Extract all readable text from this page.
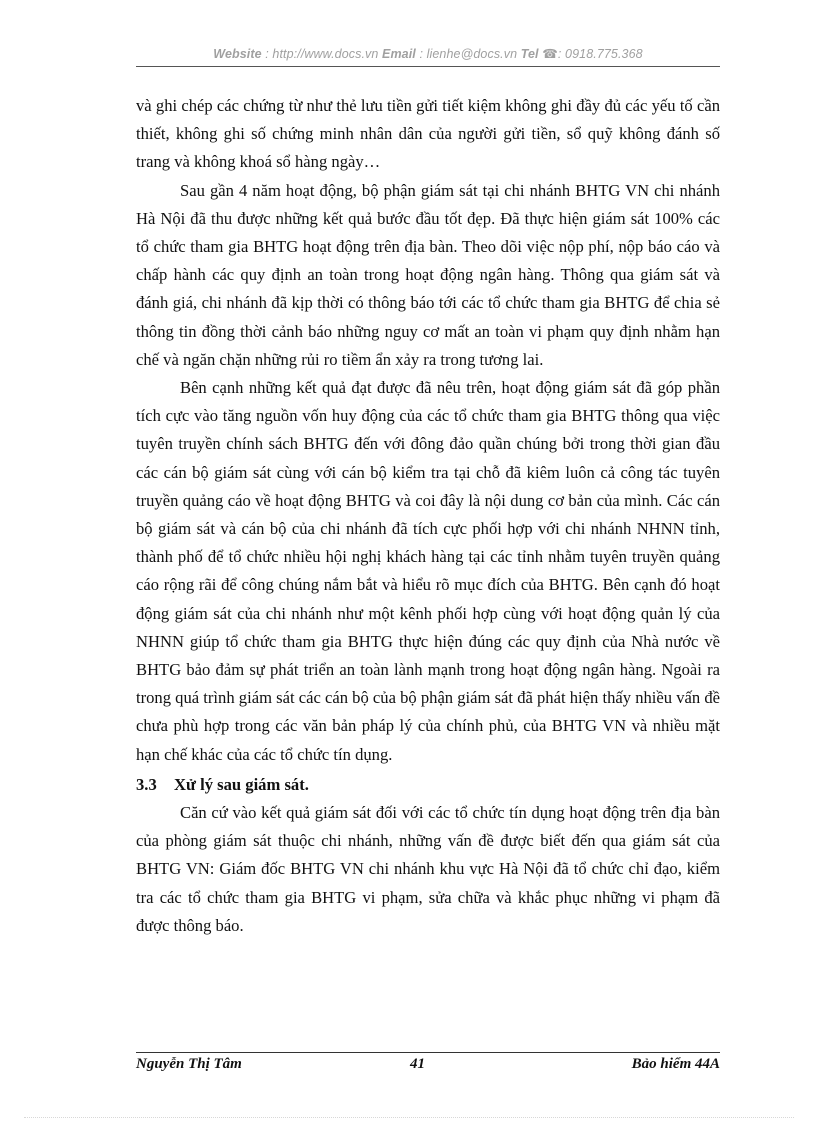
Website : http://www.docs.vn Email : lienhe@docs.vn Tel ☎: 0918.775.368

và ghi chép các chứng từ như thẻ lưu tiền gửi tiết kiệm không ghi đầy đủ các yếu tố cần thiết, không ghi số chứng minh nhân dân của người gửi tiền, sổ quỹ không đánh số trang và không khoá sổ hàng ngày…

Sau gần 4 năm hoạt động, bộ phận giám sát tại chi nhánh BHTG VN chi nhánh Hà Nội đã thu được những kết quả bước đầu tốt đẹp. Đã thực hiện giám sát 100% các tổ chức tham gia BHTG hoạt động trên địa bàn. Theo dõi việc nộp phí, nộp báo cáo và chấp hành các quy định an toàn trong hoạt động ngân hàng. Thông qua giám sát và đánh giá, chi nhánh đã kịp thời có thông báo tới các tổ chức tham gia BHTG để chia sẻ thông tin đồng thời cảnh báo những nguy cơ mất an toàn vi phạm quy định nhằm hạn chế và ngăn chặn những rủi ro tiềm ẩn xảy ra trong tương lai.

Bên cạnh những kết quả đạt được đã nêu trên, hoạt động giám sát đã góp phần tích cực vào tăng nguồn vốn huy động của các tổ chức tham gia BHTG thông qua việc tuyên truyền chính sách BHTG đến với đông đảo quần chúng bởi trong thời gian đầu các cán bộ giám sát cùng với cán bộ kiểm tra tại chỗ đã kiêm luôn cả công tác tuyên truyền quảng cáo về hoạt động BHTG và coi đây là nội dung cơ bản của mình. Các cán bộ giám sát và cán bộ của chi nhánh đã tích cực phối hợp với chi nhánh NHNN tỉnh, thành phố để tổ chức nhiều hội nghị khách hàng tại các tỉnh nhằm tuyên truyền quảng cáo rộng rãi để công chúng nắm bắt và hiểu rõ mục đích của BHTG. Bên cạnh đó hoạt động giám sát của chi nhánh như một kênh phối hợp cùng với hoạt động quản lý của NHNN giúp tổ chức tham gia BHTG thực hiện đúng các quy định của Nhà nước về BHTG bảo đảm sự phát triển an toàn lành mạnh trong hoạt động ngân hàng. Ngoài ra trong quá trình giám sát các cán bộ của bộ phận giám sát đã phát hiện thấy nhiều vấn đề chưa phù hợp trong các văn bản pháp lý của chính phủ, của BHTG VN và nhiều mặt hạn chế khác của các tổ chức tín dụng.

3.3 Xử lý sau giám sát.

Căn cứ vào kết quả giám sát đối với các tổ chức tín dụng hoạt động trên địa bàn của phòng giám sát thuộc chi nhánh, những vấn đề được biết đến qua giám sát của BHTG VN: Giám đốc BHTG VN chi nhánh khu vực Hà Nội đã tổ chức chỉ đạo, kiểm tra các tổ chức tham gia BHTG vi phạm, sửa chữa và khắc phục những vi phạm đã được thông báo.

Nguyễn Thị Tâm	41	Bảo hiểm 44A
